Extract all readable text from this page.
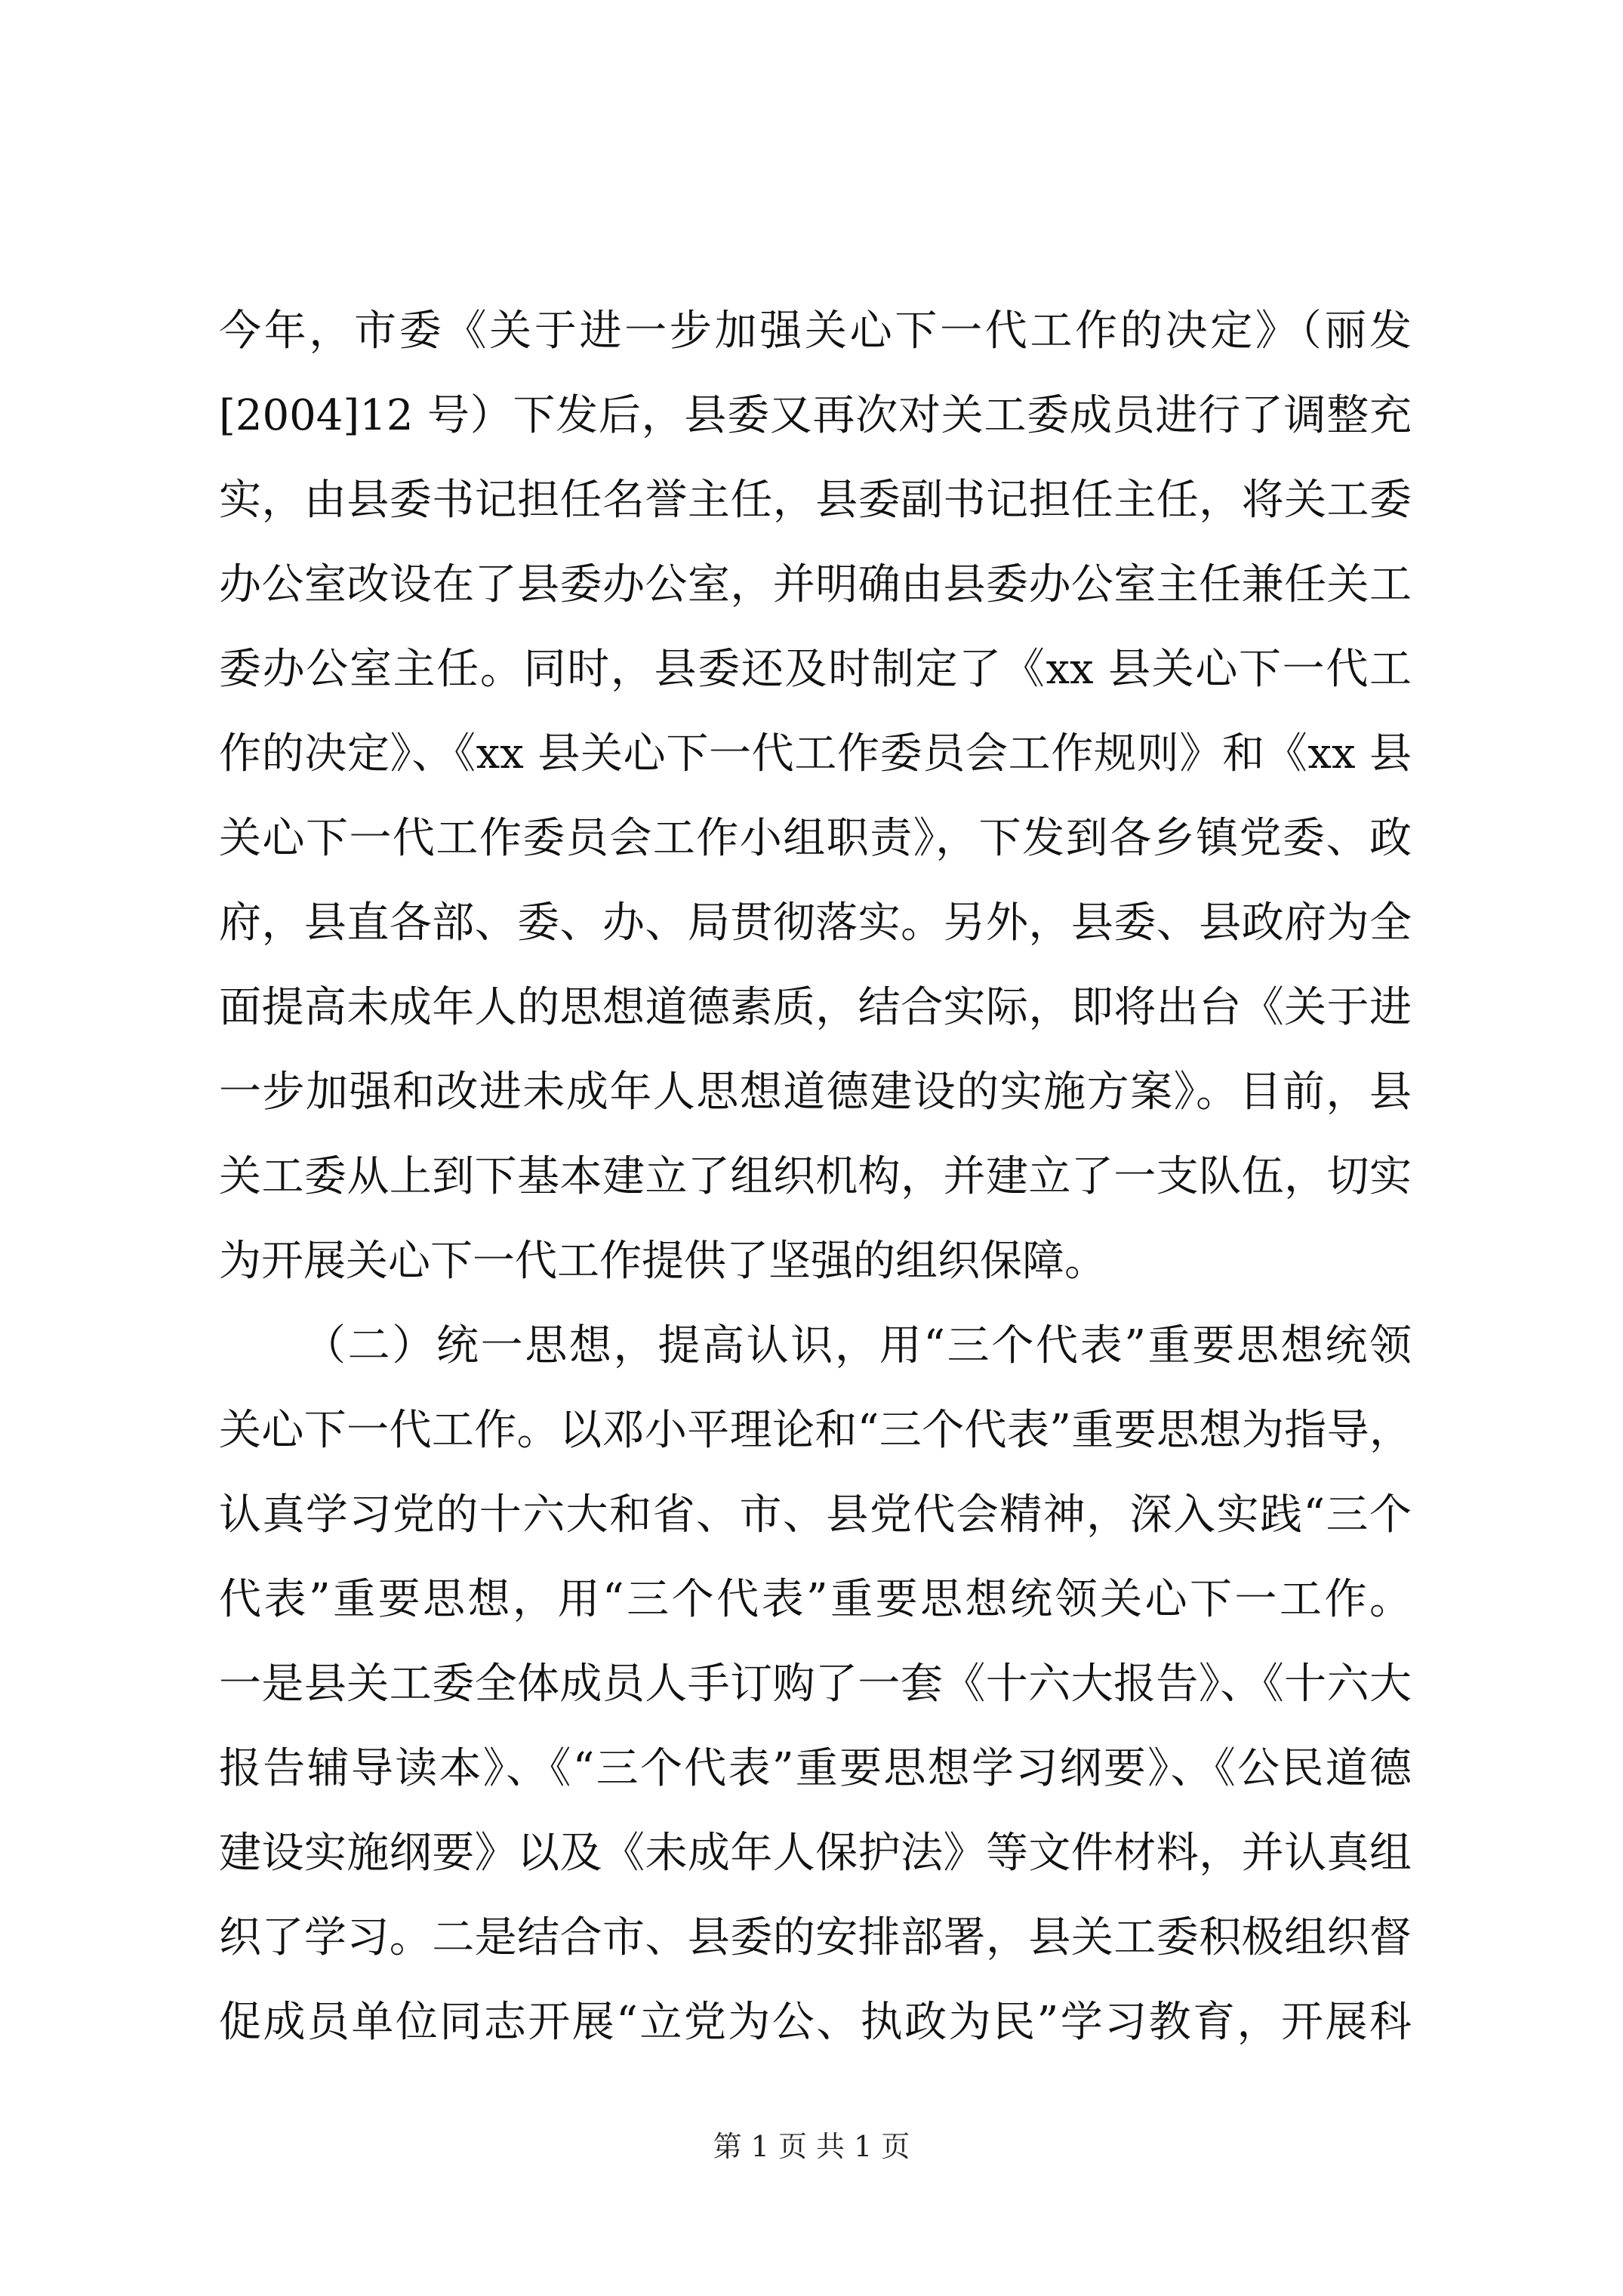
今年，市委《关于进一步加强关心下一代工作的决定》（丽发
[2004]12 号）下发后，县委又再次对关工委成员进行了调整充
实，由县委书记担任名誉主任，县委副书记担任主任，将关工委
办公室改设在了县委办公室，并明确由县委办公室主任兼任关工
委办公室主任。同时，县委还及时制定了《xx 县关心下一代工
作的决定》、《xx 县关心下一代工作委员会工作规则》和《xx 县
关心下一代工作委员会工作小组职责》，下发到各乡镇党委、政
府，县直各部、委、办、局贯彻落实。另外，县委、县政府为全
面提高未成年人的思想道德素质，结合实际，即将出台《关于进
一步加强和改进未成年人思想道德建设的实施方案》。目前，县
关工委从上到下基本建立了组织机构，并建立了一支队伍，切实
为开展关心下一代工作提供了坚强的组织保障。
（二）统一思想，提高认识，用“三个代表”重要思想统领
关心下一代工作。以邓小平理论和“三个代表”重要思想为指导，
认真学习党的十六大和省、市、县党代会精神，深入实践“三个
代表”重要思想，用“三个代表”重要思想统领关心下一工作。
一是县关工委全体成员人手订购了一套《十六大报告》、《十六大
报告辅导读本》、《“三个代表”重要思想学习纲要》、《公民道德
建设实施纲要》以及《未成年人保护法》等文件材料，并认真组
织了学习。二是结合市、县委的安排部署，县关工委积极组织督
促成员单位同志开展“立党为公、执政为民”学习教育，开展科
第 1 页 共 1 页
